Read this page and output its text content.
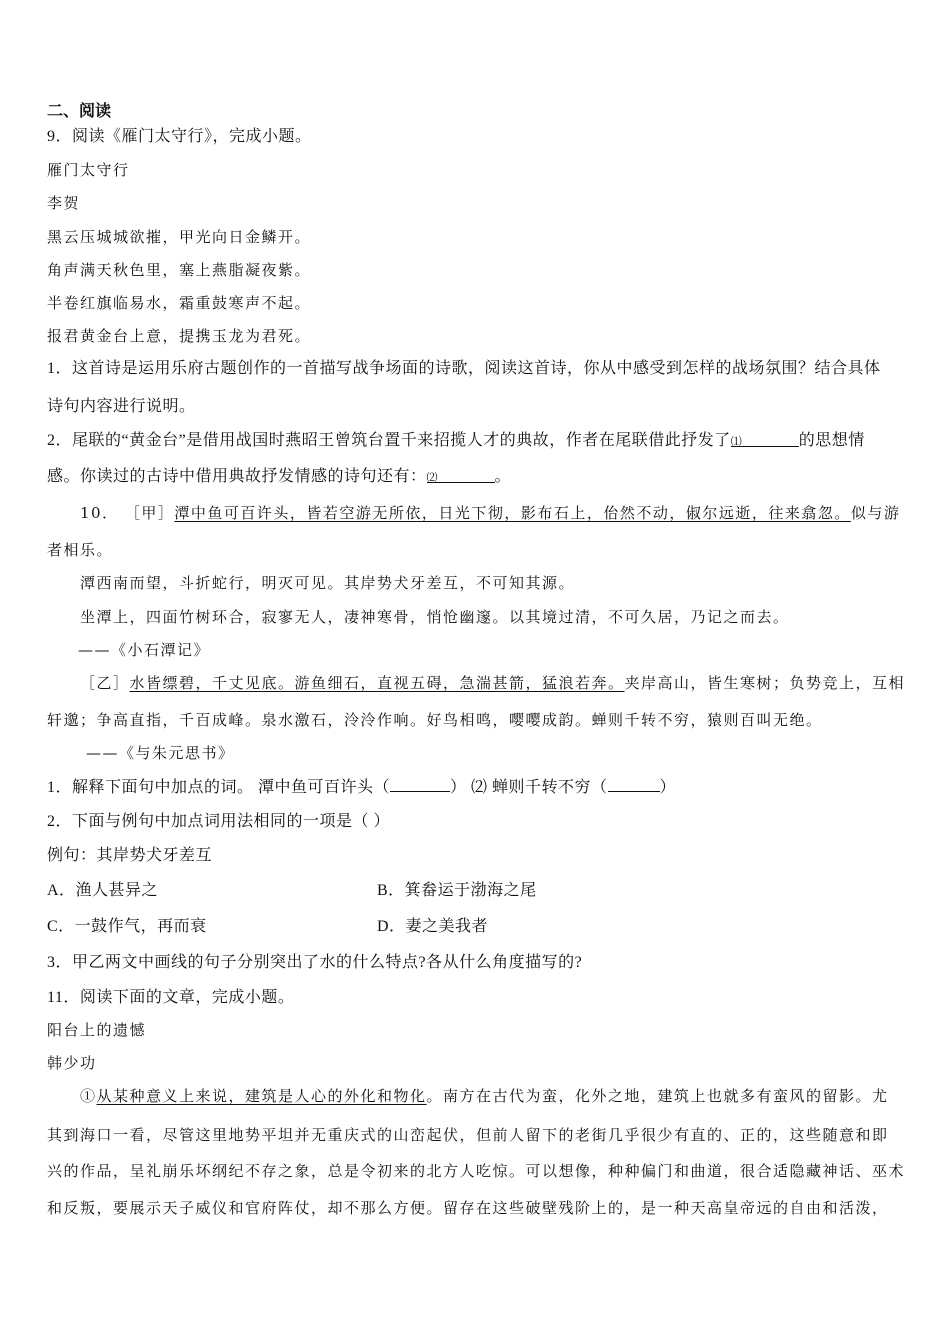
二、阅读
9．阅读《雁门太守行》，完成小题。
雁门太守行
李贺
黑云压城城欲摧，甲光向日金鳞开。
角声满天秋色里，塞上燕脂凝夜紫。
半卷红旗临易水，霜重鼓寒声不起。
报君黄金台上意，提携玉龙为君死。
1．这首诗是运用乐府古题创作的一首描写战争场面的诗歌，阅读这首诗，你从中感受到怎样的战场氛围？结合具体
诗句内容进行说明。
2．尾联的“黄金台”是借用战国时燕昭王曾筑台置千来招揽人才的典故，作者在尾联借此抒发了⑴	的思想情
感。你读过的古诗中借用典故抒发情感的诗句还有：⑵	。
10． ［甲］潭中鱼可百许头，皆若空游无所依，日光下彻，影布石上，佁然不动，俶尔远逝，往来翕忽。似与游
者相乐。
潭西南而望，斗折蛇行，明灭可见。其岸势犬牙差互，不可知其源。
坐潭上，四面竹树环合，寂寥无人，凄神寒骨，悄怆幽邃。以其境过清，不可久居，乃记之而去。
——《小石潭记》
［乙］水皆缥碧，千丈见底。游鱼细石，直视五碍，急湍甚箭，猛浪若奔。夹岸高山，皆生寒树；负势竞上，互相
轩邈；争高直指，千百成峰。泉水激石，泠泠作响。好鸟相鸣，嘤嘤成韵。蝉则千转不穷，猿则百叫无绝。
——《与朱元思书》
1．解释下面句中加点的词。 潭中鱼可百许头（	） ⑵ 蝉则千转不穷（	）
2．下面与例句中加点词用法相同的一项是（ ）
例句：其岸势犬牙差互
A．渔人甚异之	B．箕畚运于渤海之尾
C．一鼓作气，再而衰	D．妻之美我者
3．甲乙两文中画线的句子分别突出了水的什么特点?各从什么角度描写的?
11．阅读下面的文章，完成小题。
阳台上的遗憾
韩少功
①从某种意义上来说，建筑是人心的外化和物化。南方在古代为蛮，化外之地，建筑上也就多有蛮风的留影。尤
其到海口一看，尽管这里地势平坦并无重庆式的山峦起伏，但前人留下的老街几乎很少有直的、正的，这些随意和即
兴的作品，呈礼崩乐坏纲纪不存之象，总是令初来的北方人吃惊。可以想像，种种偏门和曲道，很合适隐藏神话、巫术
和反叛，要展示天子威仪和官府阵仗，却不那么方便。留存在这些破壁残阶上的，是一种天高皇帝远的自由和活泼，
